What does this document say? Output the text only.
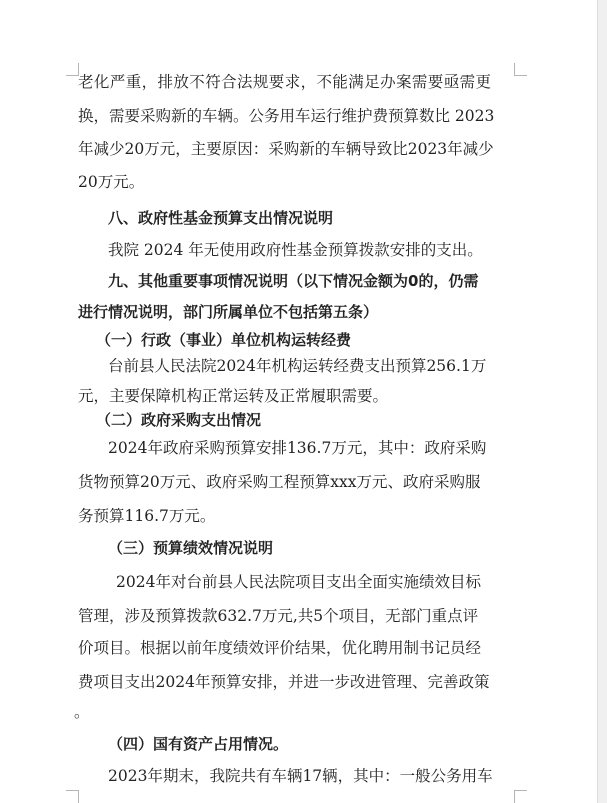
老化严重，排放不符合法规要求，不能满足办案需要亟需更
换，需要采购新的车辆。公务用车运行维护费预算数比 2023
年减少20万元，主要原因：采购新的车辆导致比2023年减少
20万元。
八、政府性基金预算支出情况说明
我院 2024 年无使用政府性基金预算拨款安排的支出。
九、其他重要事项情况说明（以下情况金额为0的，仍需
进行情况说明，部门所属单位不包括第五条）
（一）行政（事业）单位机构运转经费
台前县人民法院2024年机构运转经费支出预算256.1万
元，主要保障机构正常运转及正常履职需要。
（二）政府采购支出情况
2024年政府采购预算安排136.7万元，其中：政府采购
货物预算20万元、政府采购工程预算xxx万元、政府采购服
务预算116.7万元。
（三）预算绩效情况说明
2024年对台前县人民法院项目支出全面实施绩效目标
管理，涉及预算拨款632.7万元,共5个项目，无部门重点评
价项目。根据以前年度绩效评价结果，优化聘用制书记员经
费项目支出2024年预算安排，并进一步改进管理、完善政策
。
（四）国有资产占用情况。
2023年期末，我院共有车辆17辆，其中：一般公务用车
